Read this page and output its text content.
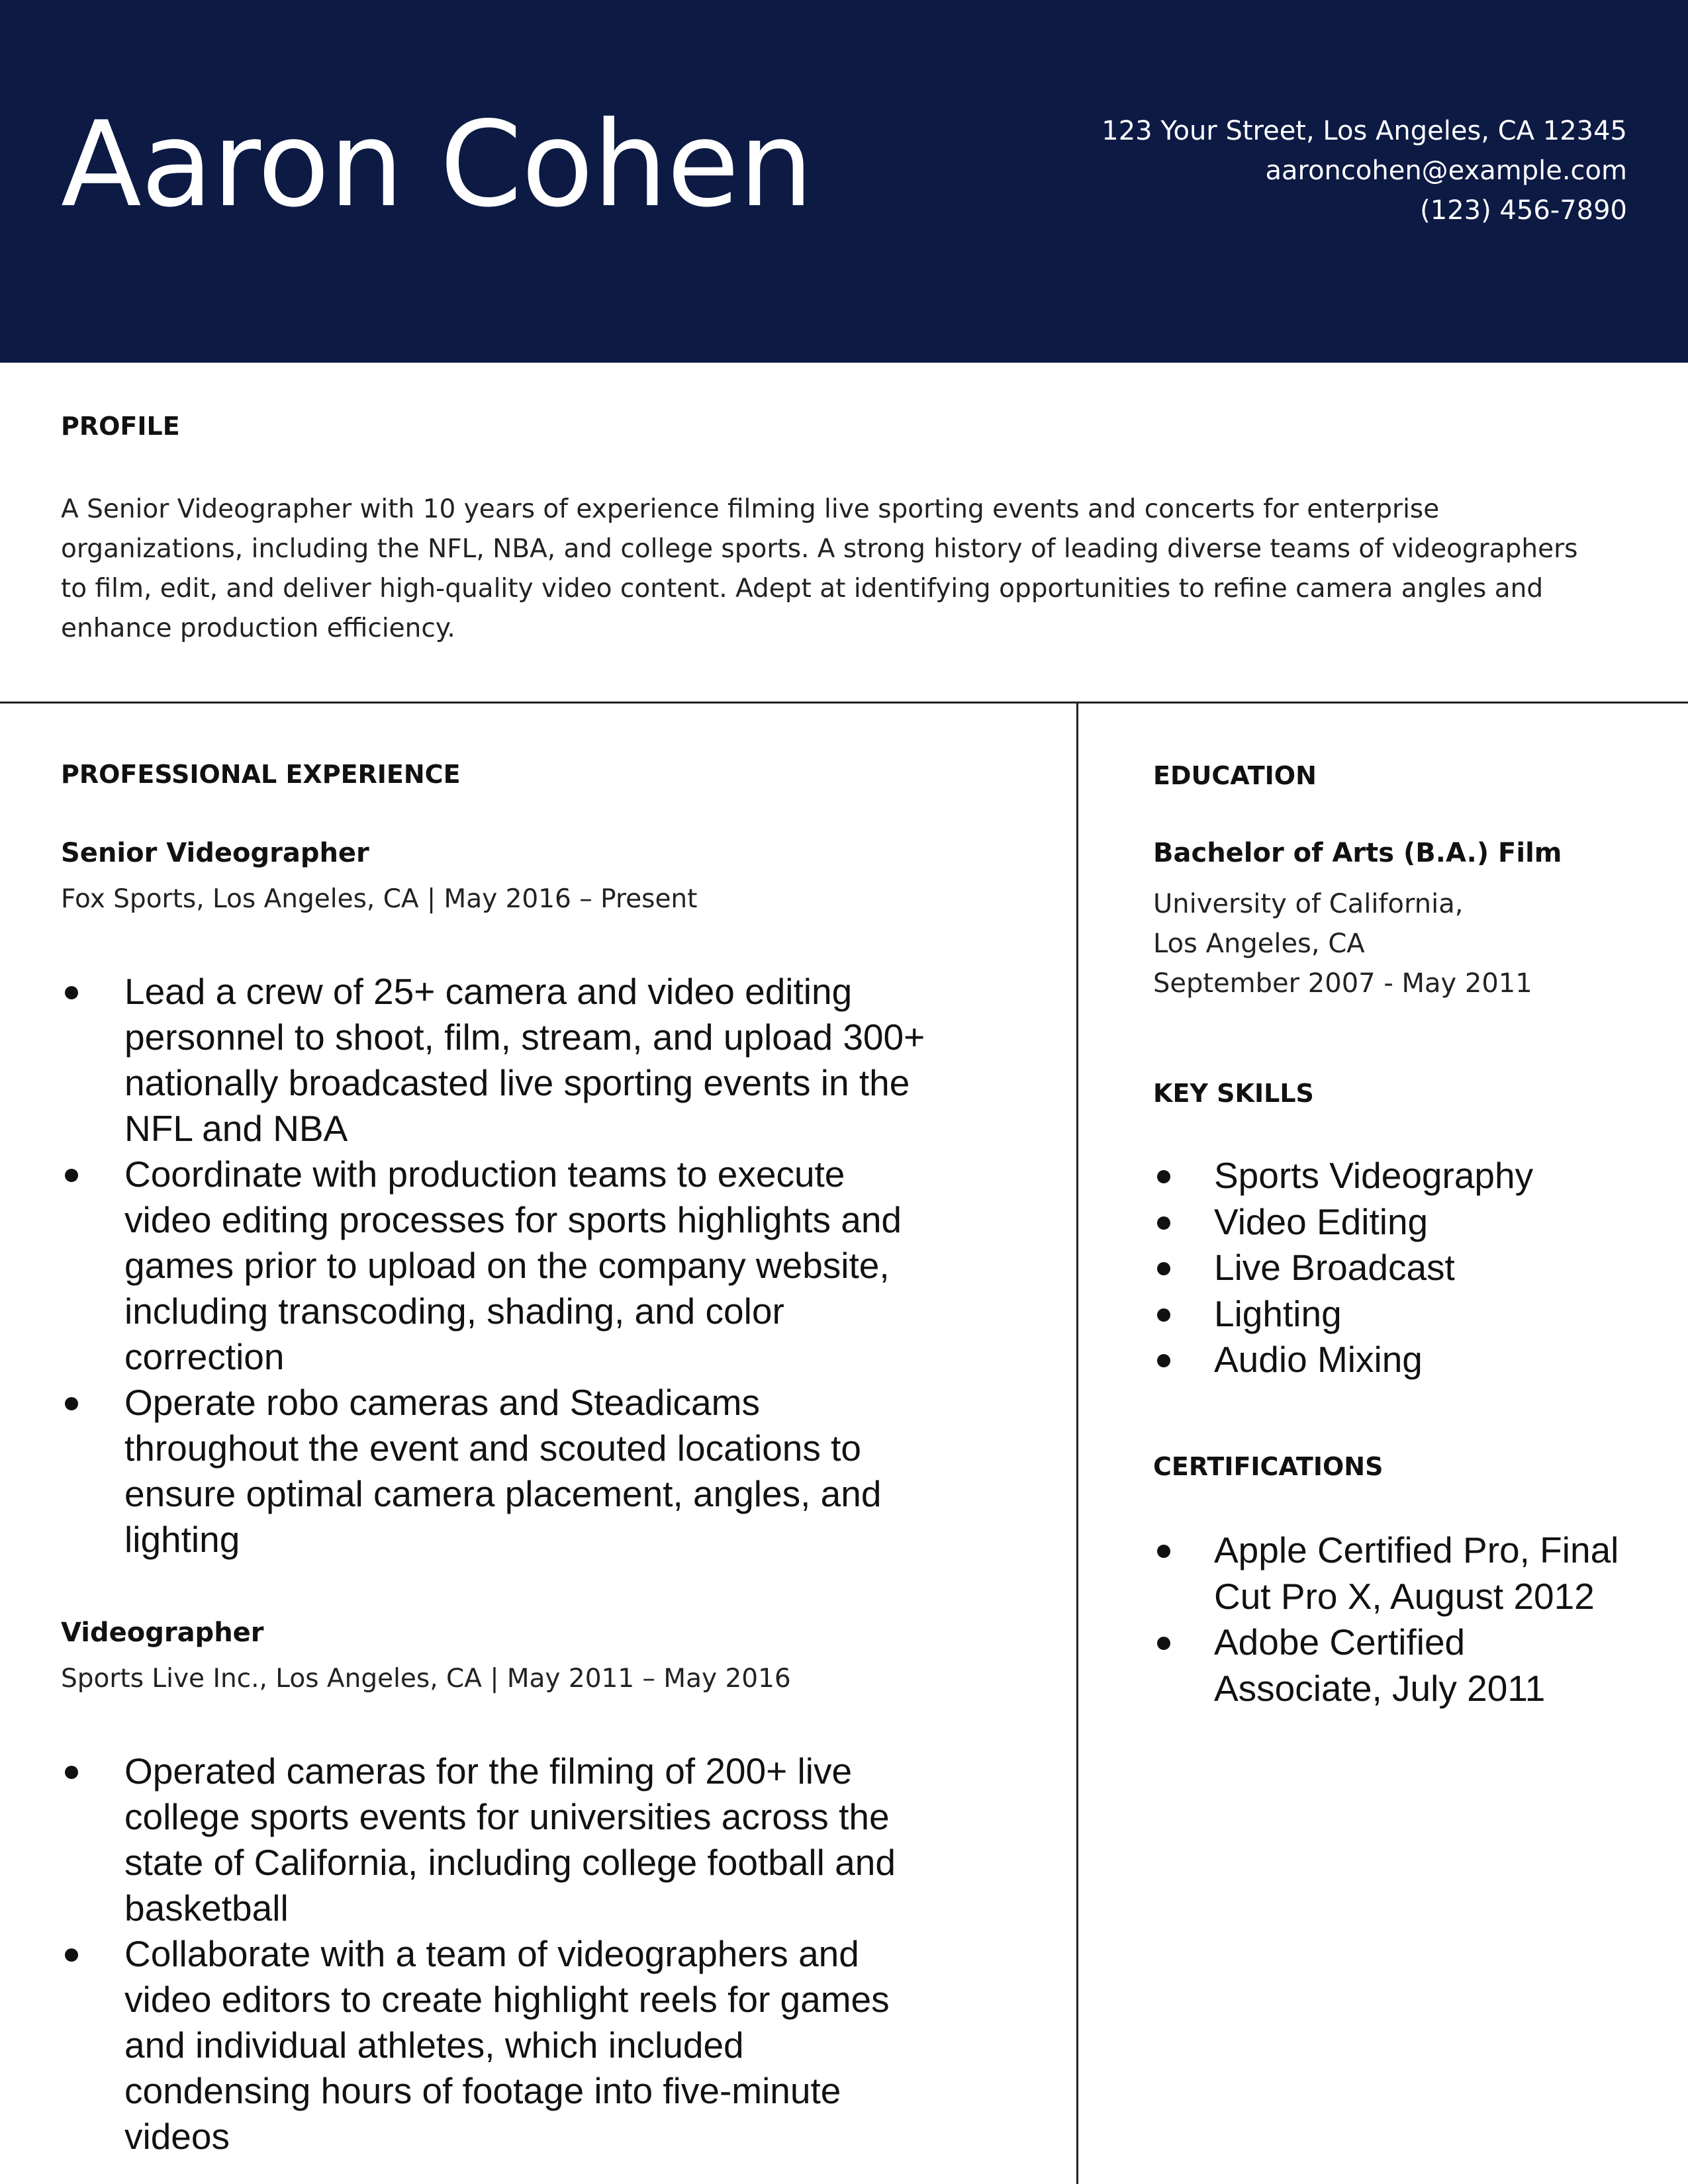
Aaron Cohen	123 Your Street, Los Angeles, CA 12345
aaroncohen@example.com
(123) 456-7890
PROFILE
A Senior Videographer with 10 years of experience filming live sporting events and concerts for enterprise organizations, including the NFL, NBA, and college sports. A strong history of leading diverse teams of videographers to film, edit, and deliver high-quality video content. Adept at identifying opportunities to refine camera angles and enhance production efficiency.
PROFESSIONAL EXPERIENCE
Senior Videographer
Fox Sports, Los Angeles, CA | May 2016 – Present
Lead a crew of 25+ camera and video editing personnel to shoot, film, stream, and upload 300+ nationally broadcasted live sporting events in the NFL and NBA
Coordinate with production teams to execute video editing processes for sports highlights and games prior to upload on the company website, including transcoding, shading, and color correction
Operate robo cameras and Steadicams throughout the event and scouted locations to ensure optimal camera placement, angles, and lighting
Videographer
Sports Live Inc., Los Angeles, CA | May 2011 – May 2016
Operated cameras for the filming of 200+ live college sports events for universities across the state of California, including college football and basketball
Collaborate with a team of videographers and video editors to create highlight reels for games and individual athletes, which included condensing hours of footage into five-minute videos
EDUCATION
Bachelor of Arts (B.A.) Film
University of California,
Los Angeles, CA
September 2007 - May 2011
KEY SKILLS
Sports Videography
Video Editing
Live Broadcast
Lighting
Audio Mixing
CERTIFICATIONS
Apple Certified Pro, Final Cut Pro X, August 2012
Adobe Certified Associate, July 2011
